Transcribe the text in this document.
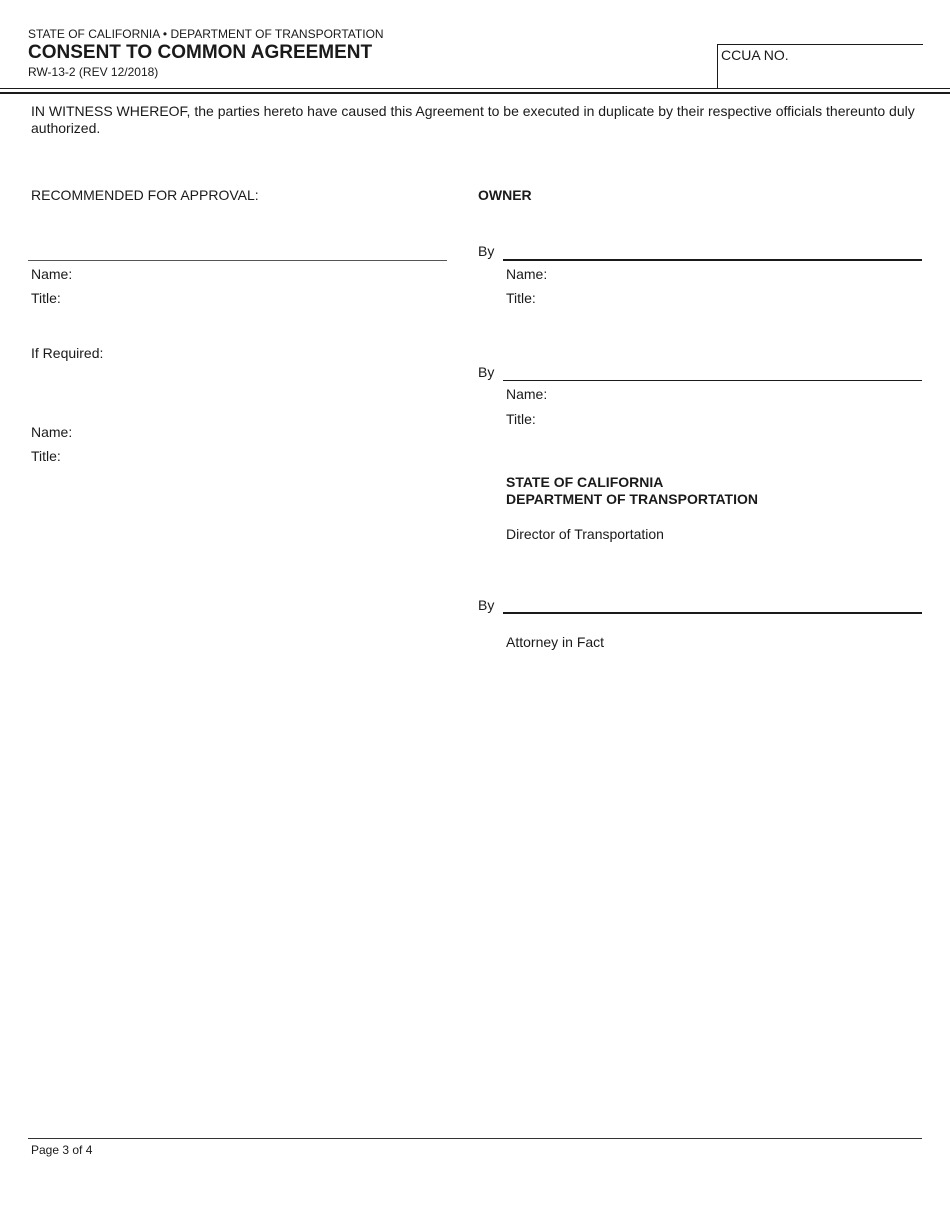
STATE OF CALIFORNIA • DEPARTMENT OF TRANSPORTATION
CONSENT TO COMMON AGREEMENT
RW-13-2 (REV 12/2018)
CCUA NO.
IN WITNESS WHEREOF, the parties hereto have caused this Agreement to be executed in duplicate by their respective officials thereunto duly authorized.
RECOMMENDED FOR APPROVAL:
Name:
Title:
If Required:
Name:
Title:
OWNER
By
Name:
Title:
By
Name:
Title:
STATE OF CALIFORNIA
DEPARTMENT OF TRANSPORTATION
Director of Transportation
By
Attorney in Fact
Page 3 of 4
